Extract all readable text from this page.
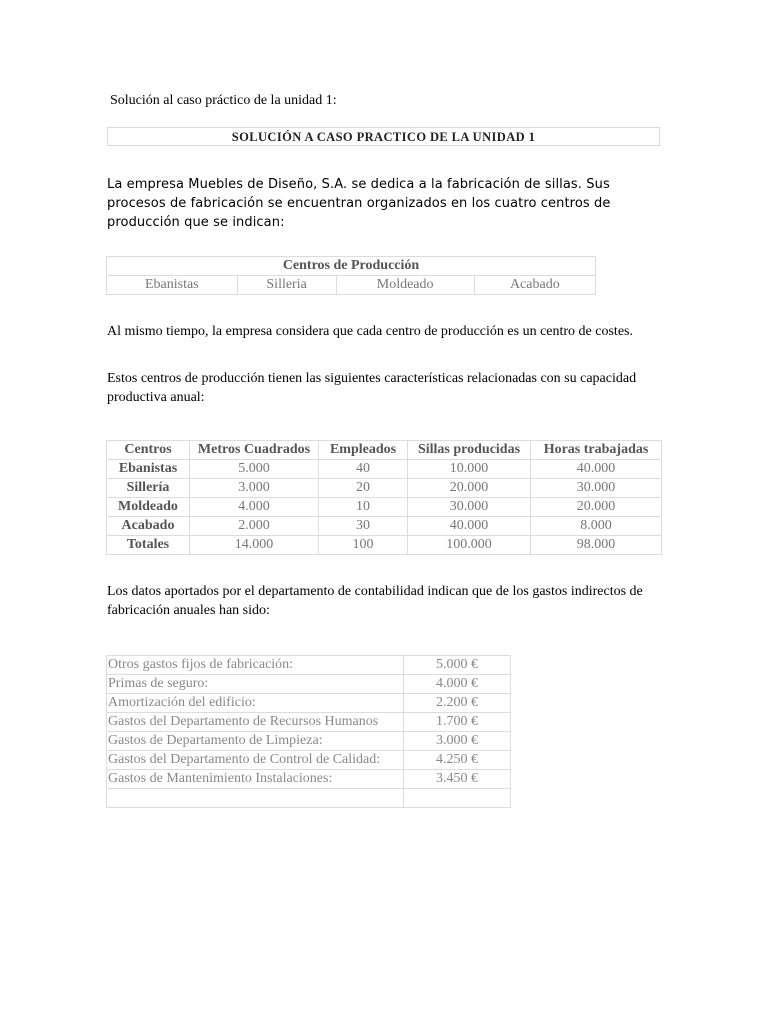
Solución al caso práctico de la unidad 1:
SOLUCIÓN A CASO PRACTICO DE LA UNIDAD 1
La empresa Muebles de Diseño, S.A. se dedica a la fabricación de sillas. Sus procesos de fabricación se encuentran organizados en los cuatro centros de producción que se indican:
Centros de Producción
Ebanistas	Silleria	Moldeado	Acabado
Al mismo tiempo, la empresa considera que cada centro de producción es un centro de costes.
Estos centros de producción tienen las siguientes características relacionadas con su capacidad productiva anual:
Centros	Metros Cuadrados	Empleados	Sillas producidas	Horas trabajadas
Ebanistas	5.000	40	10.000	40.000
Sillería	3.000	20	20.000	30.000
Moldeado	4.000	10	30.000	20.000
Acabado	2.000	30	40.000	8.000
Totales	14.000	100	100.000	98.000
Los datos aportados por el departamento de contabilidad indican que de los gastos indirectos de fabricación anuales han sido:
Otros gastos fijos de fabricación:	5.000 €
Primas de seguro:	4.000 €
Amortización del edificio:	2.200 €
Gastos del Departamento de Recursos Humanos	1.700 €
Gastos de Departamento de Limpieza:	3.000 €
Gastos del Departamento de Control de Calidad:	4.250 €
Gastos de Mantenimiento Instalaciones:	3.450 €
